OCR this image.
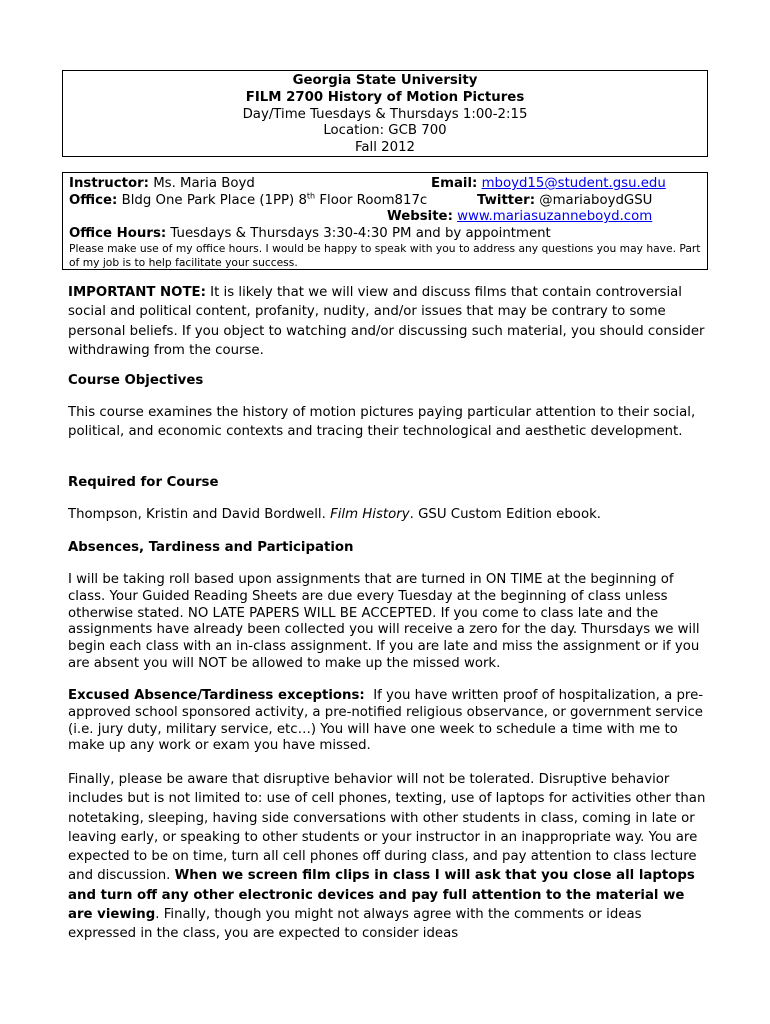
Georgia State University
FILM 2700 History of Motion Pictures
Day/Time Tuesdays & Thursdays 1:00-2:15
Location: GCB 700
Fall 2012
Instructor: Ms. Maria Boyd	Email: mboyd15@student.gsu.edu
Office: Bldg One Park Place (1PP) 8th Floor Room817c	Twitter: @mariaboydGSU
Website: www.mariasuzanneboyd.com
Office Hours: Tuesdays & Thursdays 3:30-4:30 PM and by appointment
Please make use of my office hours. I would be happy to speak with you to address any questions you may have. Part of my job is to help facilitate your success.
IMPORTANT NOTE: It is likely that we will view and discuss films that contain controversial social and political content, profanity, nudity, and/or issues that may be contrary to some personal beliefs. If you object to watching and/or discussing such material, you should consider withdrawing from the course.
Course Objectives
This course examines the history of motion pictures paying particular attention to their social, political, and economic contexts and tracing their technological and aesthetic development.
Required for Course
Thompson, Kristin and David Bordwell. Film History. GSU Custom Edition ebook.
Absences, Tardiness and Participation
I will be taking roll based upon assignments that are turned in ON TIME at the beginning of class. Your Guided Reading Sheets are due every Tuesday at the beginning of class unless otherwise stated. NO LATE PAPERS WILL BE ACCEPTED. If you come to class late and the assignments have already been collected you will receive a zero for the day. Thursdays we will begin each class with an in-class assignment. If you are late and miss the assignment or if you are absent you will NOT be allowed to make up the missed work.
Excused Absence/Tardiness exceptions: If you have written proof of hospitalization, a pre-approved school sponsored activity, a pre-notified religious observance, or government service (i.e. jury duty, military service, etc…) You will have one week to schedule a time with me to make up any work or exam you have missed.
Finally, please be aware that disruptive behavior will not be tolerated. Disruptive behavior includes but is not limited to: use of cell phones, texting, use of laptops for activities other than notetaking, sleeping, having side conversations with other students in class, coming in late or leaving early, or speaking to other students or your instructor in an inappropriate way. You are expected to be on time, turn all cell phones off during class, and pay attention to class lecture and discussion. When we screen film clips in class I will ask that you close all laptops and turn off any other electronic devices and pay full attention to the material we are viewing. Finally, though you might not always agree with the comments or ideas expressed in the class, you are expected to consider ideas
